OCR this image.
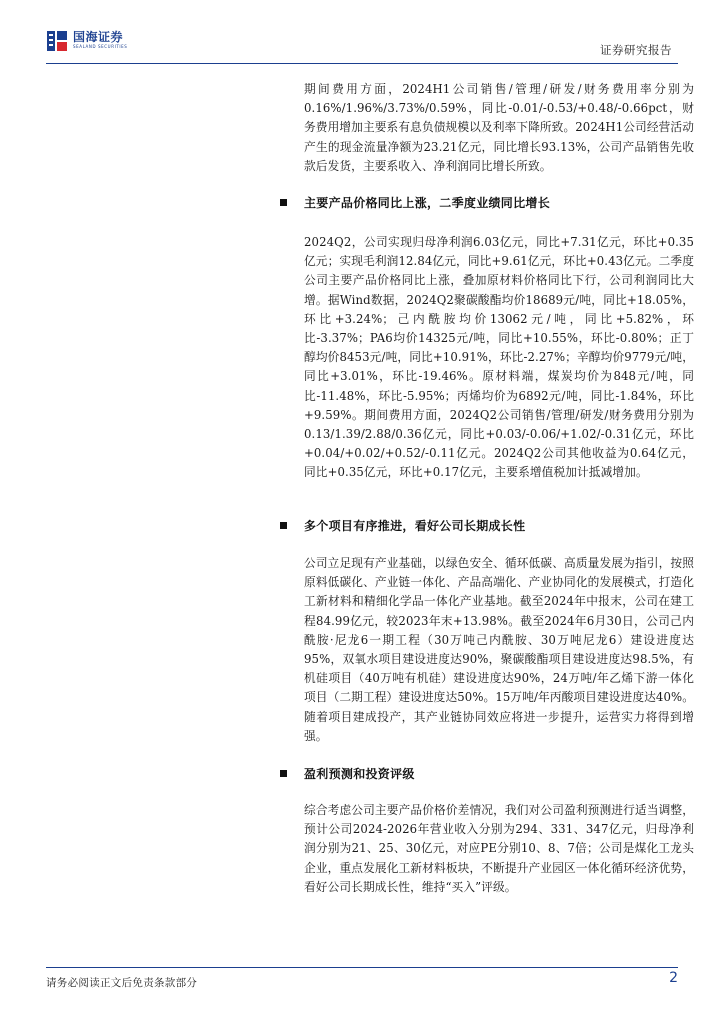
国海证券
SEALAND SECURITIES	证券研究报告

期间费用方面，2024H1公司销售/管理/研发/财务费用率分别为0.16%/1.96%/3.73%/0.59%，同比-0.01/-0.53/+0.48/-0.66pct，财务费用增加主要系有息负债规模以及利率下降所致。2024H1公司经营活动产生的现金流量净额为23.21亿元，同比增长93.13%，公司产品销售先收款后发货，主要系收入、净利润同比增长所致。

主要产品价格同比上涨，二季度业绩同比增长

2024Q2，公司实现归母净利润6.03亿元，同比+7.31亿元，环比+0.35亿元；实现毛利润12.84亿元，同比+9.61亿元，环比+0.43亿元。二季度公司主要产品价格同比上涨，叠加原材料价格同比下行，公司利润同比大增。据Wind数据，2024Q2聚碳酸酯均价18689元/吨，同比+18.05%，环比+3.24%；己内酰胺均价13062元/吨，同比+5.82%，环比-3.37%；PA6均价14325元/吨，同比+10.55%，环比-0.80%；正丁醇均价8453元/吨，同比+10.91%，环比-2.27%；辛醇均价9779元/吨，同比+3.01%，环比-19.46%。原材料端，煤炭均价为848元/吨，同比-11.48%，环比-5.95%；丙烯均价为6892元/吨，同比-1.84%，环比+9.59%。期间费用方面，2024Q2公司销售/管理/研发/财务费用分别为0.13/1.39/2.88/0.36亿元，同比+0.03/-0.06/+1.02/-0.31亿元，环比+0.04/+0.02/+0.52/-0.11亿元。2024Q2公司其他收益为0.64亿元，同比+0.35亿元，环比+0.17亿元，主要系增值税加计抵减增加。

多个项目有序推进，看好公司长期成长性

公司立足现有产业基础，以绿色安全、循环低碳、高质量发展为指引，按照原料低碳化、产业链一体化、产品高端化、产业协同化的发展模式，打造化工新材料和精细化学品一体化产业基地。截至2024年中报末，公司在建工程84.99亿元，较2023年末+13.98%。截至2024年6月30日，公司己内酰胺·尼龙6一期工程（30万吨己内酰胺、30万吨尼龙6）建设进度达95%，双氧水项目建设进度达90%，聚碳酸酯项目建设进度达98.5%，有机硅项目（40万吨有机硅）建设进度达90%，24万吨/年乙烯下游一体化项目（二期工程）建设进度达50%。15万吨/年丙酸项目建设进度达40%。随着项目建成投产，其产业链协同效应将进一步提升，运营实力将得到增强。

盈利预测和投资评级

综合考虑公司主要产品价格价差情况，我们对公司盈利预测进行适当调整，预计公司2024-2026年营业收入分别为294、331、347亿元，归母净利润分别为21、25、30亿元，对应PE分别10、8、7倍；公司是煤化工龙头企业，重点发展化工新材料板块，不断提升产业园区一体化循环经济优势，看好公司长期成长性，维持“买入”评级。

请务必阅读正文后免责条款部分	2
